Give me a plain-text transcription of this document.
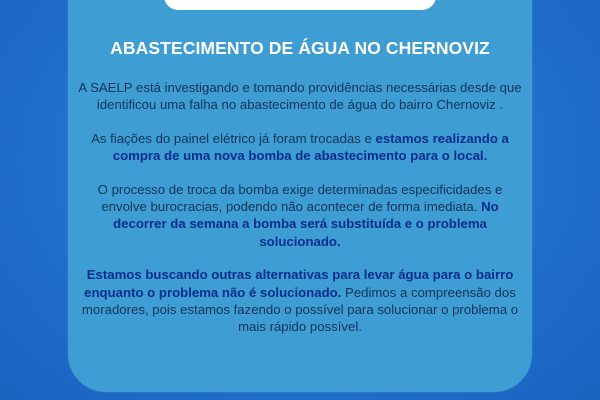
ABASTECIMENTO DE ÁGUA NO CHERNOVIZ

A SAELP está investigando e tomando providências necessárias desde que identificou uma falha no abastecimento de água do bairro Chernoviz .

As fiações do painel elétrico já foram trocadas e estamos realizando a compra de uma nova bomba de abastecimento para o local.

O processo de troca da bomba exige determinadas especificidades e envolve burocracias, podendo não acontecer de forma imediata. No decorrer da semana a bomba será substituída e o problema solucionado.

Estamos buscando outras alternativas para levar água para o bairro enquanto o problema não é solucionado. Pedimos a compreensão dos moradores, pois estamos fazendo o possível para solucionar o problema o mais rápido possível.
